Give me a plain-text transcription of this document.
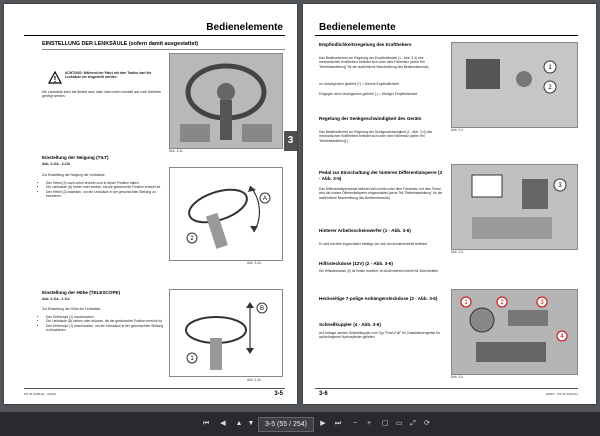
Bedienelemente
EINSTELLUNG DER LENKSÄULE (sofern damit ausgestattet)
!
ACHTUNG: Während der Fahrt mit dem Traktor darf die Lenksäule nie eingestellt werden.
Die Lenksäule kann bei Bedarf nach oben oben unten verstellt und nach Belieben geneigt werden.
Abb. 3-3c
3
Einstellung der Neigung (TILT)
Abb. 3-11b - 3-11b
Zur Einstellung der Neigung der Lenksäule:
• Den Hebel (2) nach unten drücken und in dieser Position halten.
• Die Lenksäule (A) heben oder senken, bis die gewünschte Position erreicht ist.
• Den Hebel (2) loslassen, um die Lenksäule in der gewünschten Stellung zu blockieren.
A
2
Abb. 3-3d
Einstellung der Höhe (TELESCOPE)
Abb. 3-11a - 3-11c
Zur Einstellung der Höhe der Lenksäule:
• Den Drehknopf (1) losschrauben.
• Die Lenksäule (B) ziehen oder drücken, bis die gewünschte Position erreicht ist.
• Den Drehknopf (1) anschrauben, um die Lenksäule in der gewünschten Stellung zu blockieren.
B
1
Abb. 3-3e
PN 06 3C80 E1 - 04/RO	3-5
Bedienelemente
Empfindlichkeitsregelung des Krafthebers
Das Bedienelement zur Regelung der Empfindlichkeit (1 - Abb. 3-4) des mechanischen Krafthebers befindet sich unter dem Fahrersitz (siehe Teil "Betriebsanleitung" für die ausführliche Beschreibung des Bedienelements).
Im Uhrzeigersinn gedreht (+) = Höhere Empfindlichkeit
Entgegen dem Uhrzeigersinn gedreht (-) = Weniger Empfindlichkeit
Regelung der Senkgeschwindigkeit des Geräts
Das Bedienelement zur Regelung der Senkgeschwindigkeit (2 - Abb. 3-4) des mechanischen Krafthebers befindet sich unter dem Fahrersitz (siehe Teil "Betriebsanleitung").
Pedal zur Einschaltung der hinteren Differentialsperre (3 - Abb. 3-5)
Das Differentialsperrpedal befindet sich rechts unter dem Fahrersitz; mit dem Pedal wird die hintere Differentialsperre eingeschaltet (siehe Teil "Betriebsanleitung" für die ausführliche Beschreibung des Bedienelements).
Hinterer Arbeitsscheinwerfer (1 - Abb. 3-6)
Er wird mit dem Kippschalter betätigt, der sich am Armaturenbrett befindet.
Hilfssteckdose (12V) (2 - Abb. 3-6)
Die Hilfssteckdose (2) ist hinten montiert; im Außenbereich bereit für Zubehörteile.
Heckseitige 7-polige Anhängersteckdose (3 - Abb. 3-6)
Schnellkuppler (4 - Abb. 3-6)
Auf Anfrage werden Schnellkuppler vom Typ "Push-Pull" für Zusatzsteuergeräte für außenliegende Hydrozylinder geliefert.
1
2
Abb. 3-4
3
Abb. 3-5
1	2	3
4
Abb. 3-6
3-6	04/RO - PN 06 3C80 E1
⏮	◀	▲ ▼	3-5 (55 / 254)	▶	⏭	−	+	▢ ▭	⤢	⟳
